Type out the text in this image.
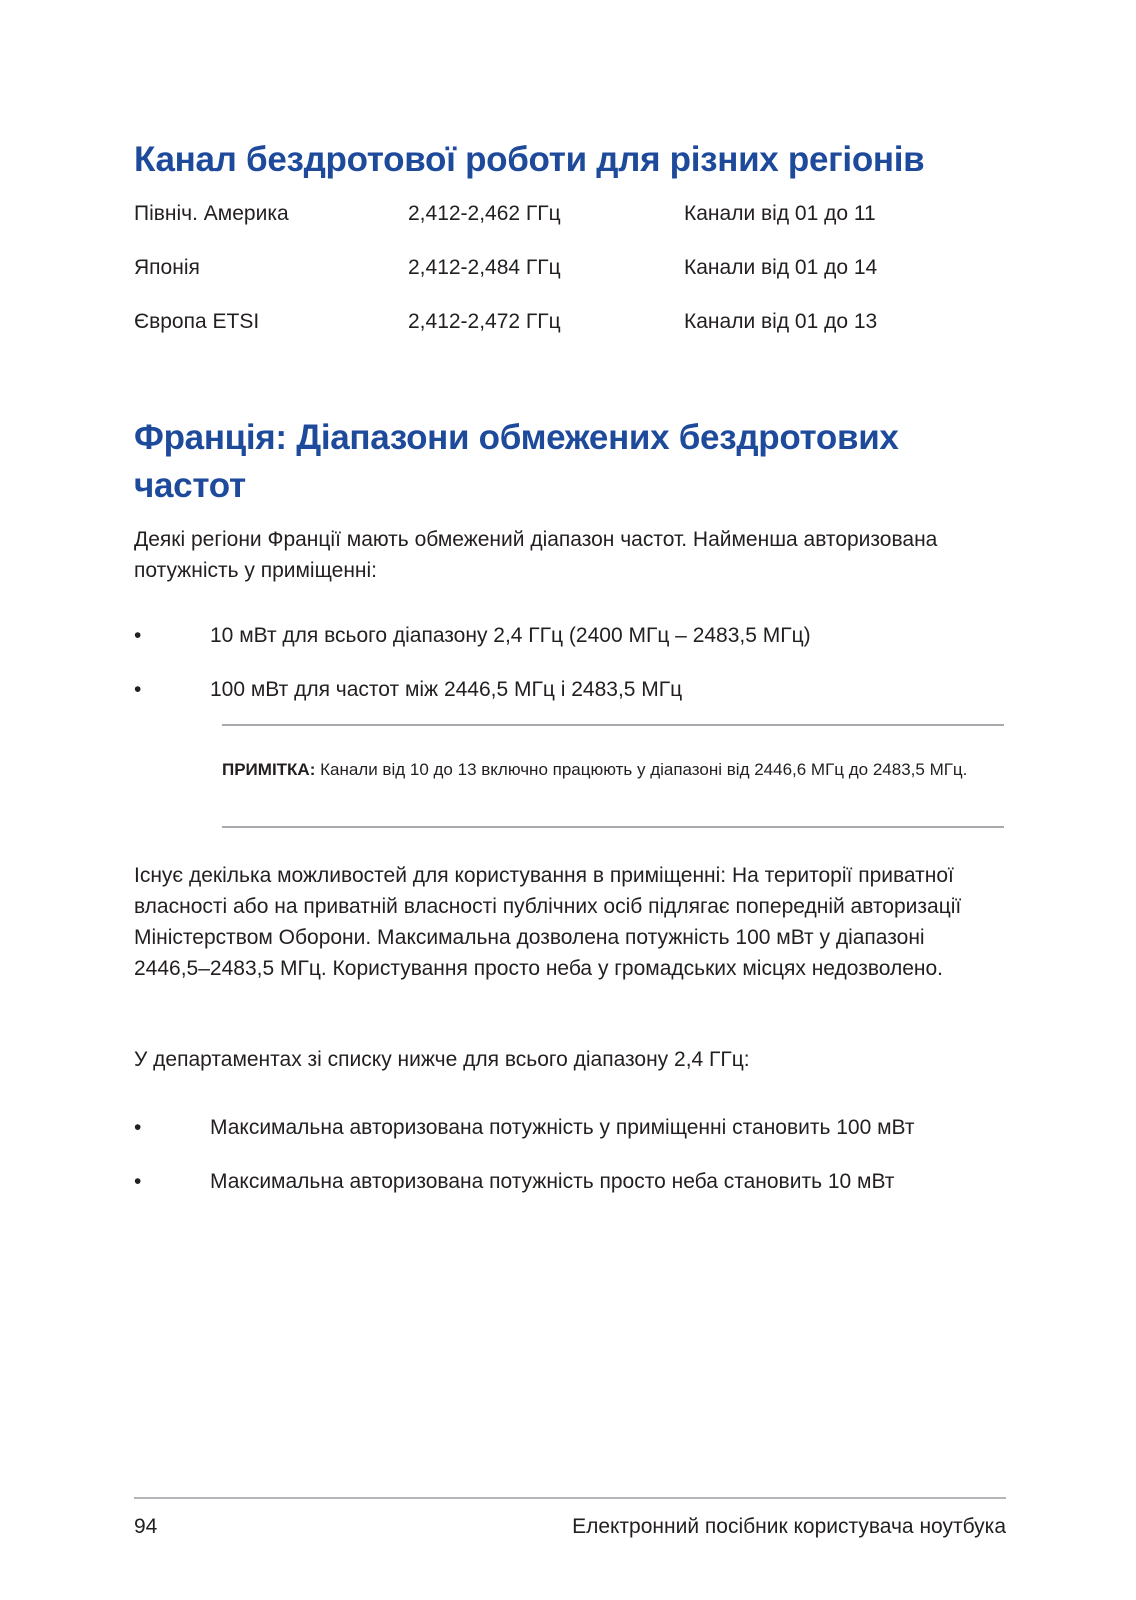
Канал бездротової роботи для різних регіонів
Північ. Америка	2,412-2,462 ГГц	Канали від 01 до 11
Японія	2,412-2,484 ГГц	Канали від 01 до 14
Європа ETSI	2,412-2,472 ГГц	Канали від 01 до 13
Франція: Діапазони обмежених бездротових частот

Деякі регіони Франції мають обмежений діапазон частот. Найменша авторизована потужність у приміщенні:

•	10 мВт для всього діапазону 2,4 ГГц (2400 МГц – 2483,5 МГц)
•	100 мВт для частот між 2446,5 МГц і 2483,5 МГц
ПРИМІТКА: Канали від 10 до 13 включно працюють у діапазоні від 2446,6 МГц до 2483,5 МГц.

Існує декілька можливостей для користування в приміщенні: На території приватної власності або на приватній власності публічних осіб підлягає попередній авторизації Міністерством Оборони. Максимальна дозволена потужність 100 мВт у діапазоні 2446,5–2483,5 МГц. Користування просто неба у громадських місцях недозволено.

У департаментах зі списку нижче для всього діапазону 2,4 ГГц:

•	Максимальна авторизована потужність у приміщенні становить 100 мВт
•	Максимальна авторизована потужність просто неба становить 10 мВт
94	Електронний посібник користувача ноутбука
